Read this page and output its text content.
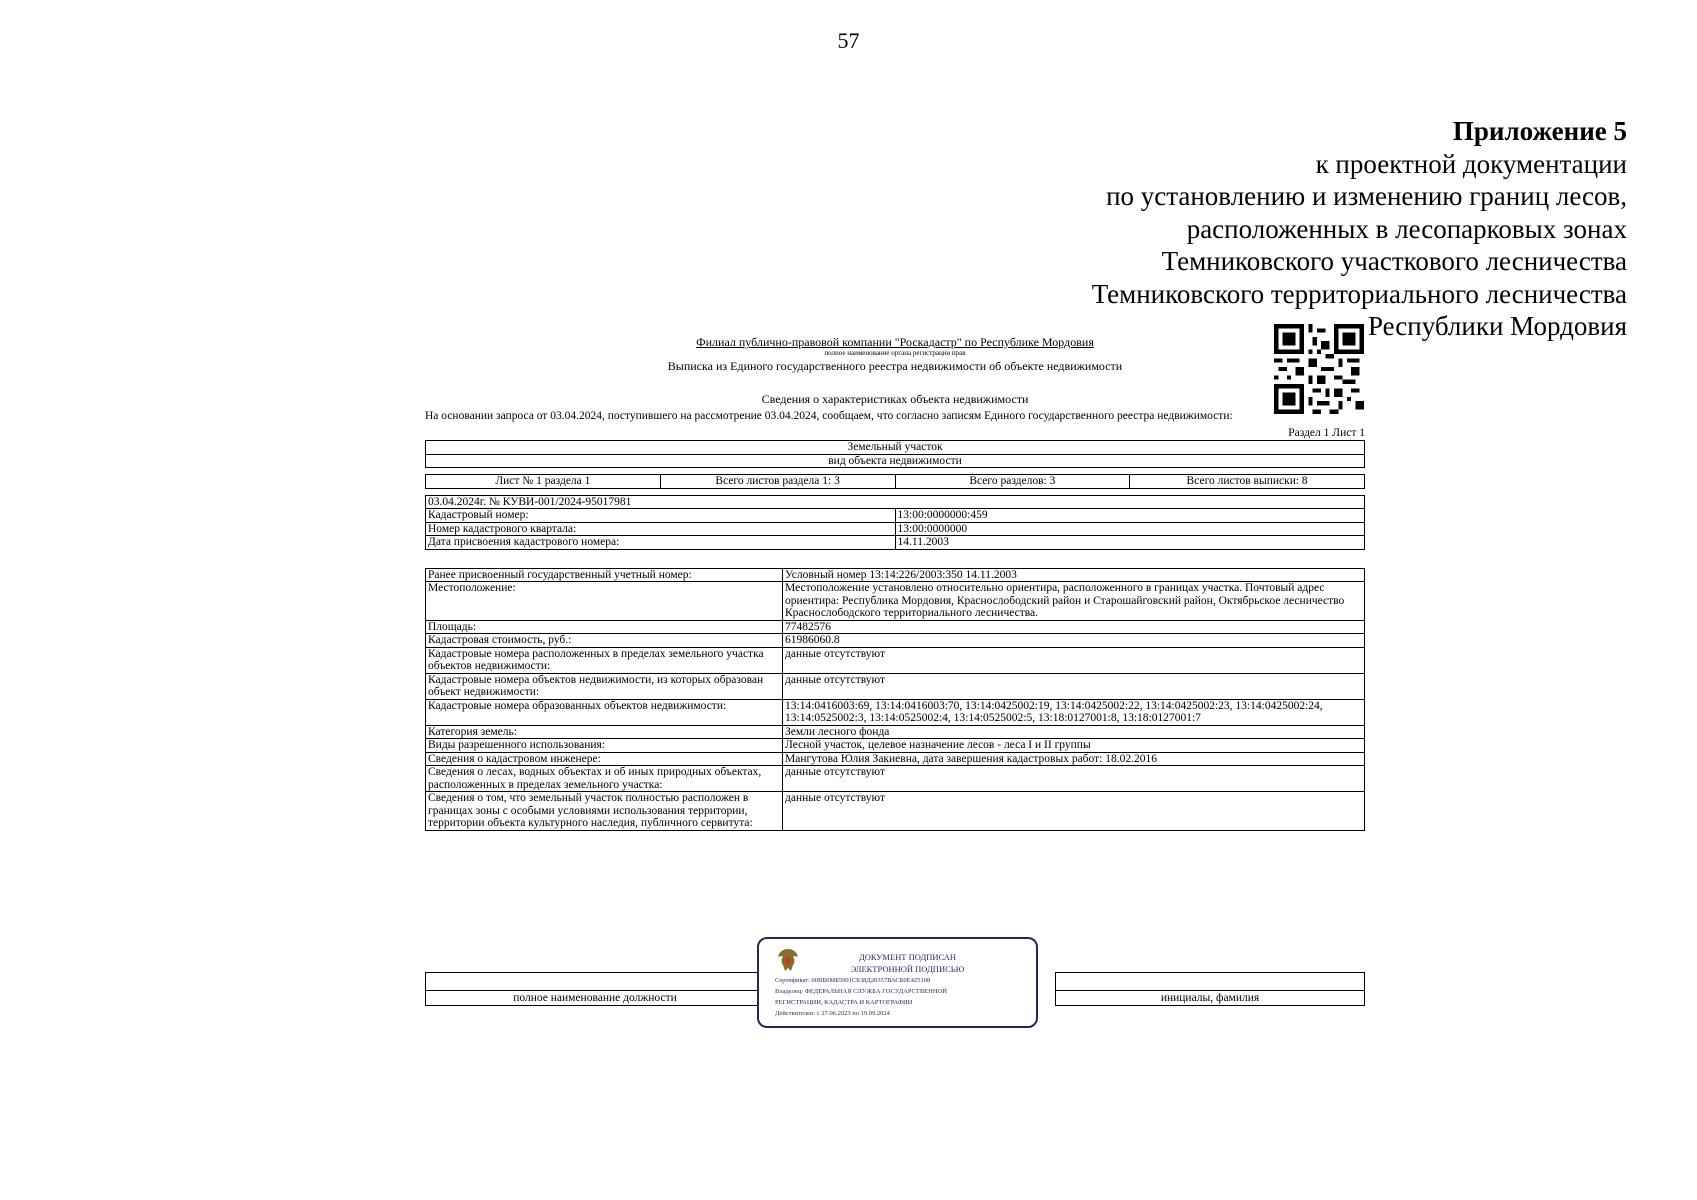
57
Приложение 5
к проектной документации
по установлению и изменению границ лесов,
расположенных в лесопарковых зонах
Темниковского участкового лесничества
Темниковского территориального лесничества
Республики Мордовия
Филиал публично-правовой компании "Роскадастр" по Республике Мордовия
полное наименование органа регистрации прав
Выписка из Единого государственного реестра недвижимости об объекте недвижимости
Сведения о характеристиках объекта недвижимости
На основании запроса от 03.04.2024, поступившего на рассмотрение 03.04.2024, сообщаем, что согласно записям Единого государственного реестра недвижимости:
Раздел 1 Лист 1
Земельный участок
вид объекта недвижимости
Лист № 1 раздела 1	Всего листов раздела 1: 3	Всего разделов: 3	Всего листов выписки: 8
03.04.2024г. № КУВИ-001/2024-95017981	
Кадастровый номер:	13:00:0000000:459
Номер кадастрового квартала:	13:00:0000000
Дата присвоения кадастрового номера:	14.11.2003
Ранее присвоенный государственный учетный номер:	Условный номер 13:14:226/2003:350 14.11.2003
Местоположение:	Местоположение установлено относительно ориентира, расположенного в границах участка. Почтовый адрес ориентира: Республика Мордовия, Краснослободский район и Старошайговский район, Октябрьское лесничество Краснослободского территориального лесничества.
Площадь:	77482576
Кадастровая стоимость, руб.:	61986060.8
Кадастровые номера расположенных в пределах земельного участка объектов недвижимости:	данные отсутствуют
Кадастровые номера объектов недвижимости, из которых образован объект недвижимости:	данные отсутствуют
Кадастровые номера образованных объектов недвижимости:	13:14:0416003:69, 13:14:0416003:70, 13:14:0425002:19, 13:14:0425002:22, 13:14:0425002:23, 13:14:0425002:24, 13:14:0525002:3, 13:14:0525002:4, 13:14:0525002:5, 13:18:0127001:8, 13:18:0127001:7
Категория земель:	Земли лесного фонда
Виды разрешенного использования:	Лесной участок, целевое назначение лесов - леса I и II группы
Сведения о кадастровом инженере:	Мангутова Юлия Закиевна, дата завершения кадастровых работ: 18.02.2016
Сведения о лесах, водных объектах и об иных природных объектах, расположенных в пределах земельного участка:	данные отсутствуют
Сведения о том, что земельный участок полностью расположен в границах зоны с особыми условиями использования территории, территории объекта культурного наследия, публичного сервитута:	данные отсутствуют
полное наименование должности	инициалы, фамилия
ДОКУМЕНТ ПОДПИСАН
ЭЛЕКТРОННОЙ ПОДПИСЬЮ
Сертификат: 00ВБ0МБ5901СБ38Д20357ВАСБ0Е425108
Владелец: ФЕДЕРАЛЬНАЯ СЛУЖБА ГОСУДАРСТВЕННОЙ
РЕГИСТРАЦИИ, КАДАСТРА И КАРТОГРАФИИ
Действителен: с 27.06.2023 по 19.09.2024
